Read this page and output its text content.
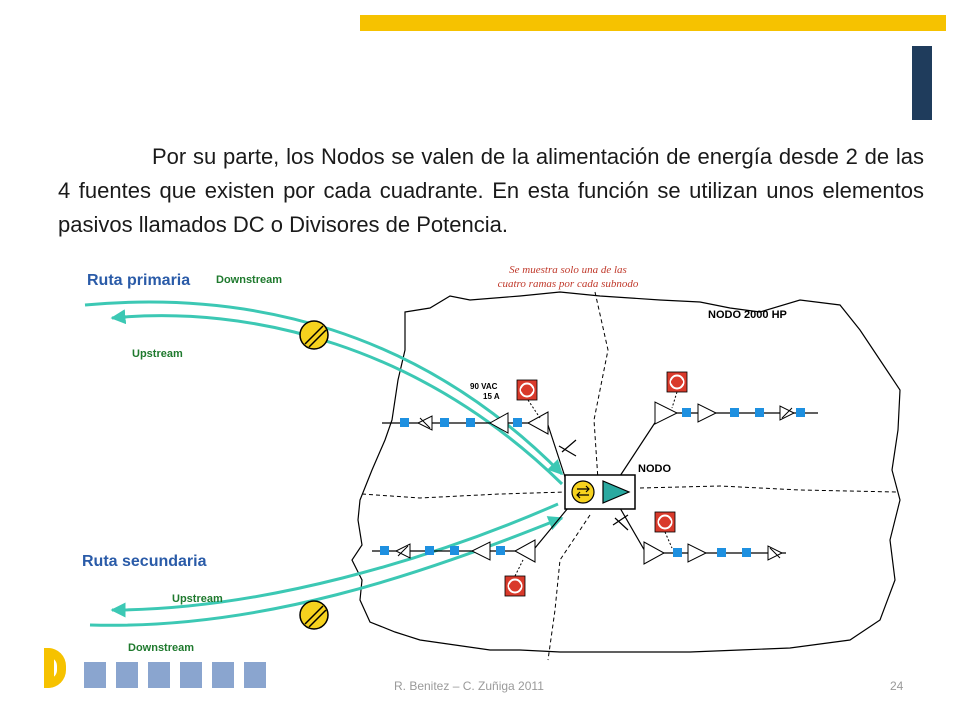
Por su parte, los Nodos se valen de la alimentación de energía desde 2 de las 4 fuentes que existen por cada cuadrante. En esta función se utilizan unos elementos pasivos llamados DC o Divisores de Potencia.

Ruta primaria Downstream
Upstream
Ruta secundaria
Upstream
Downstream
Se muestra solo una de las
cuatro ramas por cada subnodo
NODO 2000 HP
NODO
90 VAC
15 A
R. Benitez – C. Zuñiga 2011	24
